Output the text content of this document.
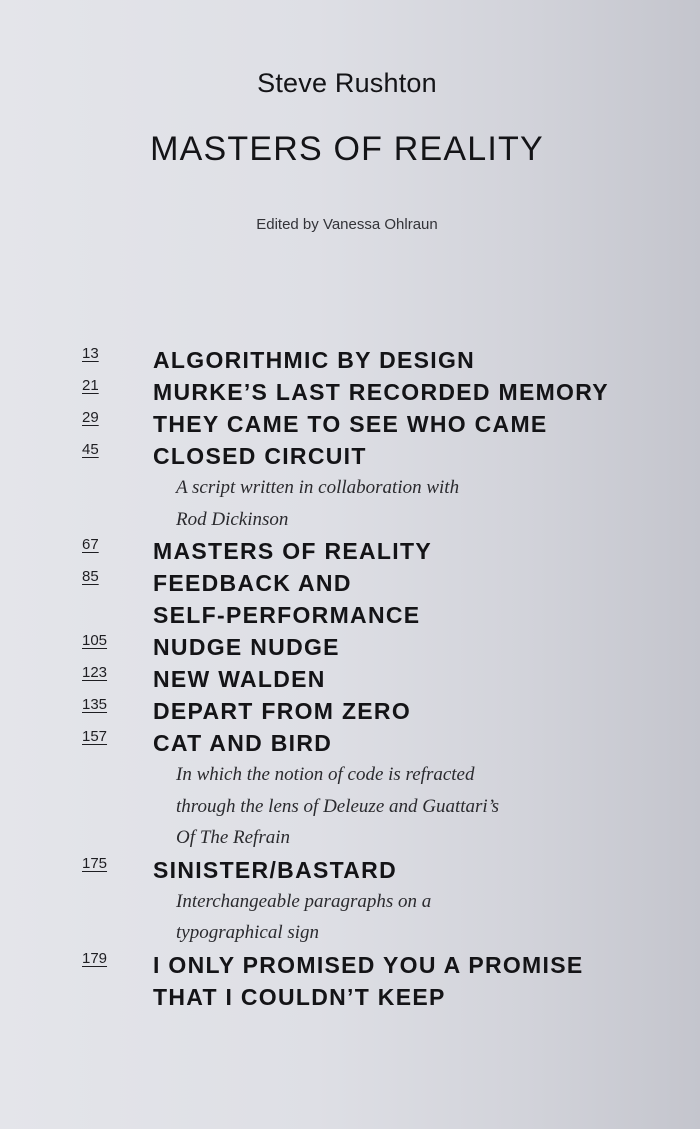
Steve Rushton
MASTERS OF REALITY
Edited by Vanessa Ohlraun
13 ALGORITHMIC BY DESIGN
21 MURKE’S LAST RECORDED MEMORY
29 THEY CAME TO SEE WHO CAME
45 CLOSED CIRCUIT
A script written in collaboration with
Rod Dickinson
67 MASTERS OF REALITY
85 FEEDBACK AND
SELF-PERFORMANCE
105 NUDGE NUDGE
123 NEW WALDEN
135 DEPART FROM ZERO
157 CAT AND BIRD
In which the notion of code is refracted
through the lens of Deleuze and Guattari’s
Of The Refrain
175 SINISTER/BASTARD
Interchangeable paragraphs on a
typographical sign
179 I ONLY PROMISED YOU A PROMISE
THAT I COULDN’T KEEP
